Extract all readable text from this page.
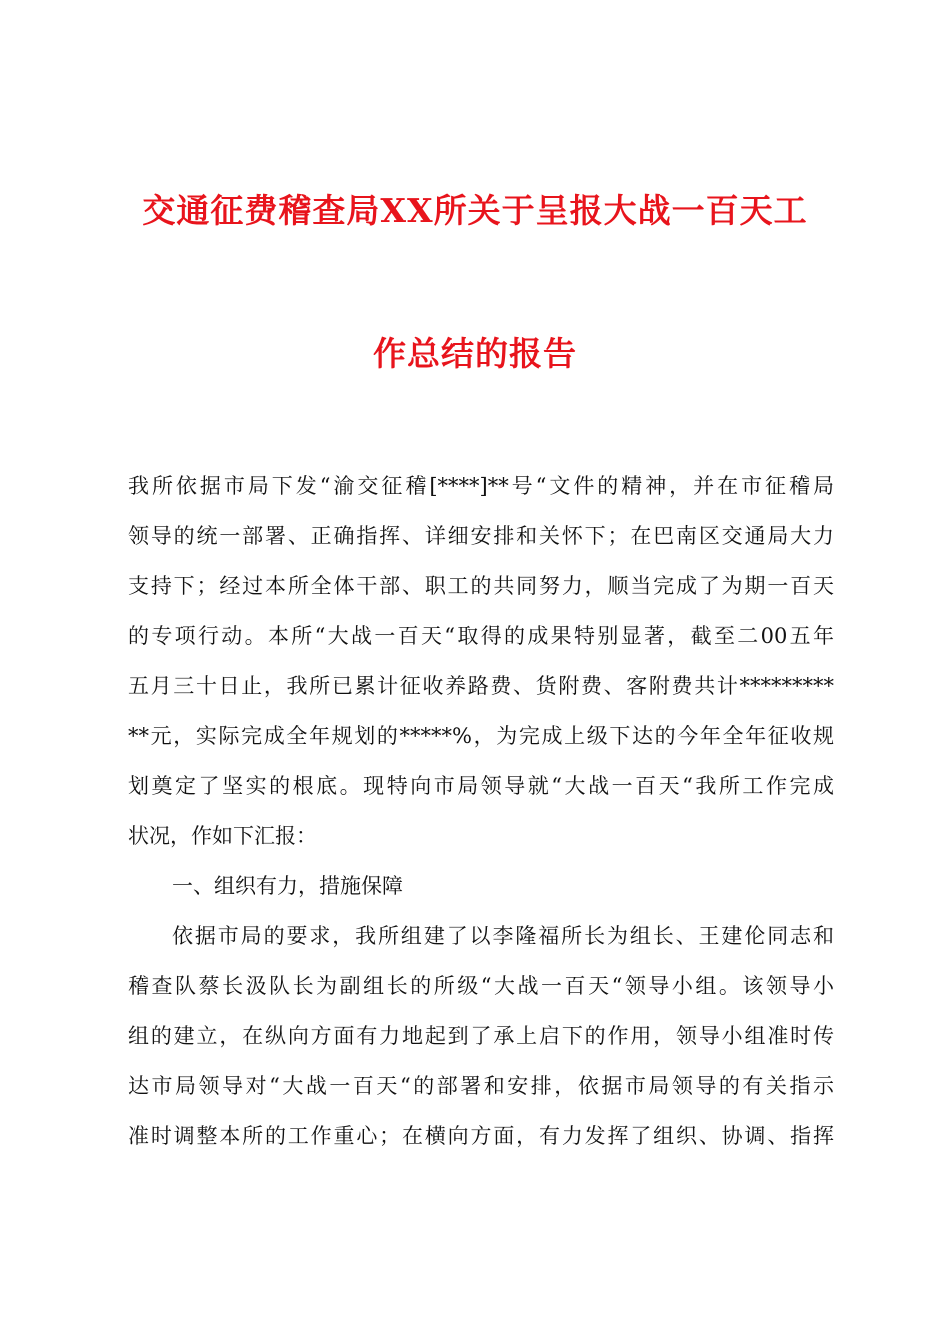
交通征费稽查局XX所关于呈报大战一百天工
作总结的报告
我所依据市局下发“渝交征稽[****]**号“文件的精神，并在市征稽局
领导的统一部署、正确指挥、详细安排和关怀下；在巴南区交通局大力
支持下；经过本所全体干部、职工的共同努力，顺当完成了为期一百天
的专项行动。本所“大战一百天“取得的成果特别显著，截至二00五年
五月三十日止，我所已累计征收养路费、货附费、客附费共计*********
**元，实际完成全年规划的*****%，为完成上级下达的今年全年征收规
划奠定了坚实的根底。现特向市局领导就“大战一百天“我所工作完成
状况，作如下汇报：
一、组织有力，措施保障
依据市局的要求，我所组建了以李隆福所长为组长、王建伦同志和
稽查队蔡长汲队长为副组长的所级“大战一百天“领导小组。该领导小
组的建立，在纵向方面有力地起到了承上启下的作用，领导小组准时传
达市局领导对“大战一百天“的部署和安排，依据市局领导的有关指示
准时调整本所的工作重心；在横向方面，有力发挥了组织、协调、指挥
